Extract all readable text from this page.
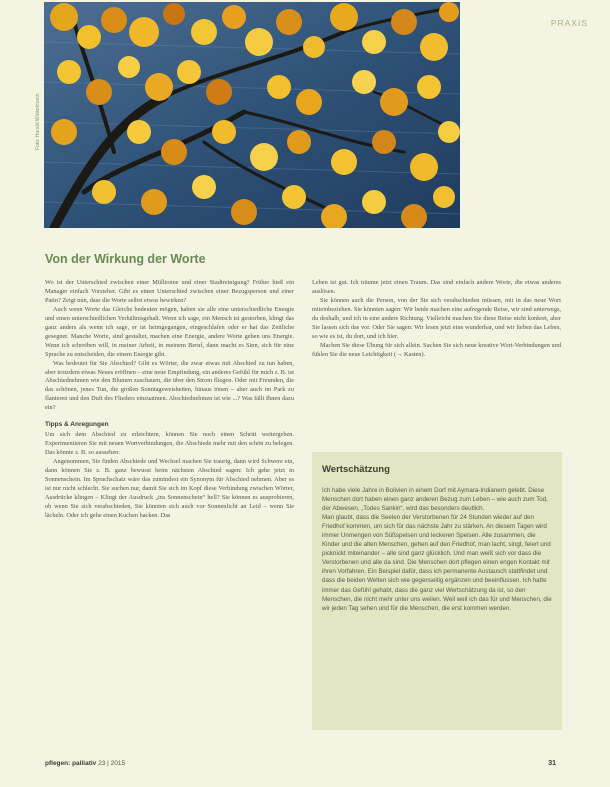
PRAXIS
Foto: Harald Winkelmann
Von der Wirkung der Worte

Wo ist der Unterschied zwischen einer Mülltonne und einer Stadtreinigung? Früher hieß ein Manager einfach Vorsteher. Gibt es einen Unterschied zwischen einer Bezugsperson und einer Patin? Zeigt nun, dass die Worte selbst etwas bewirken?

Auch wenn Worte das Gleiche bedeuten mögen, haben sie alle eine unterschiedliche Energie und einen unterschiedlichen Verhältnisgehalt. Wenn ich sage, ein Mensch ist gestorben, klingt das ganz anders als wenn ich sage, er ist heimgegangen, eingeschlafen oder er hat das Zeitliche gesegnet. Manche Worte, sind gestaltet, machen eine Energie, andere Worte geben uns Energie. Wenn ich schreiben will, in meiner Arbeit, in meinem Beruf, dann macht es Sinn, sich für eine Sprache zu entscheiden, die einem Energie gibt.

Was bedeutet für Sie Abschied? Gibt es Wörter, die zwar etwas mit Abschied zu tun haben, aber trotzdem etwas Neues eröffnen – eine neue Empfindung, ein anderes Gefühl für mich z. B. ist Abschiednehmen wie den Blumen zuschauen, die über den Strom fliegen. Oder mit Freunden, die das schönen, jenes Tun, die großen Sonntagsweisheiten, hinaus tönen – aber auch im Park zu flanieren und den Duft des Flieders einzuatmen. Abschiednehmen ist wie ...? Was fällt Ihnen dazu ein?

Tipps & Anregungen

Um sich dem Abschied zu erleichtern, können Sie noch einen Schritt weitergehen. Experimentieren Sie mit neuen Wortverbindungen, die Abschiede mehr mit den schön zu belegen. Das könnte z. B. so aussehen:

Angenommen, Sie finden Abschiede und Wechsel machen Sie traurig, dann wird Schwere ein, dann können Sie z. B. ganz bewusst beim nächsten Abschied sagen: Ich gehe jetzt in Sonnenschein. Im Sprachschatz wäre das zumindest ein Synonym für Abschied nehmen. Aber es ist nur nicht schlecht. Sie suchen nur, damit Sie sich im Kopf diese Verbindung zwischen Wörter, Ausdrücke klingen – Klingt der Ausdruck „ins Sonnenschein“ hell? Sie können es ausprobieren, ob wenn Sie sich verabschieden, Sie könnten sich auch vor Sonnenlicht an Leid – wenn Sie lächeln. Oder ich gehe einen Kuchen backen. Das

Leben ist gut. Ich träume jetzt einen Traum. Das sind einfach andere Worte, die etwas anderes auslösen.

Sie können auch die Person, von der Sie sich verabschieden müssen, mit in das neue Wort miteinbeziehen. Sie könnten sagen: Wir beide machen eine aufregende Reise, wir sind unterwegs, du deshalb, und ich in eine andere Richtung. Vielleicht machen Sie diese Reise nicht konkret, aber Sie lassen sich das vor. Oder Sie sagen: Wir lesen jetzt eine wunderbar, und wir lieben das Leben, so wie es ist, du dort, und ich hier.

Machen Sie diese Übung für sich allein. Suchen Sie sich neue kreative Wort-Verbindungen und fühlen Sie die neue Leichtigkeit (→ Kasten).

Wertschätzung

Ich habe viele Jahre in Bolivien in einem Dorf mit Aymara-Indianern gelebt. Diese Menschen dort haben einen ganz anderen Bezug zum Leben – wie auch zum Tod, der Abwesen, „Todes Sankin“, wird das besonders deutlich.

Man glaubt, dass die Seelen der Verstorbenen für 24 Stunden wieder auf den Friedhof kommen, um sich für das nächste Jahr zu stärken. An diesem Tagen wird immer Unmengen von Süßspeisen und leckeren Speisen. Alle zusammen, die Kinder und die alten Menschen, gehen auf den Friedhof, man lacht, singt, feiert und picknickt miteinander – alle sind ganz glücklich. Und man weiß sich vor dass die Verstorbenen und alle da sind. Die Menschen dort pflegen einen engen Kontakt mit ihren Vorfahren. Ein Beispiel dafür, dass ich permanente Austausch stattfindet und dass die beiden Welten sich wie gegenseitig ergänzen und beeinflussen. Ich hatte immer das Gefühl gehabt, dass die ganz viel Wertschätzung da ist, so den Menschen, die nicht mehr unter uns weilen. Weil weil ich das für und Menschen, die wir jeden Tag sehen und für die Menschen, die erst kommen werden.

pflegen: palliativ 23 | 2015	31
